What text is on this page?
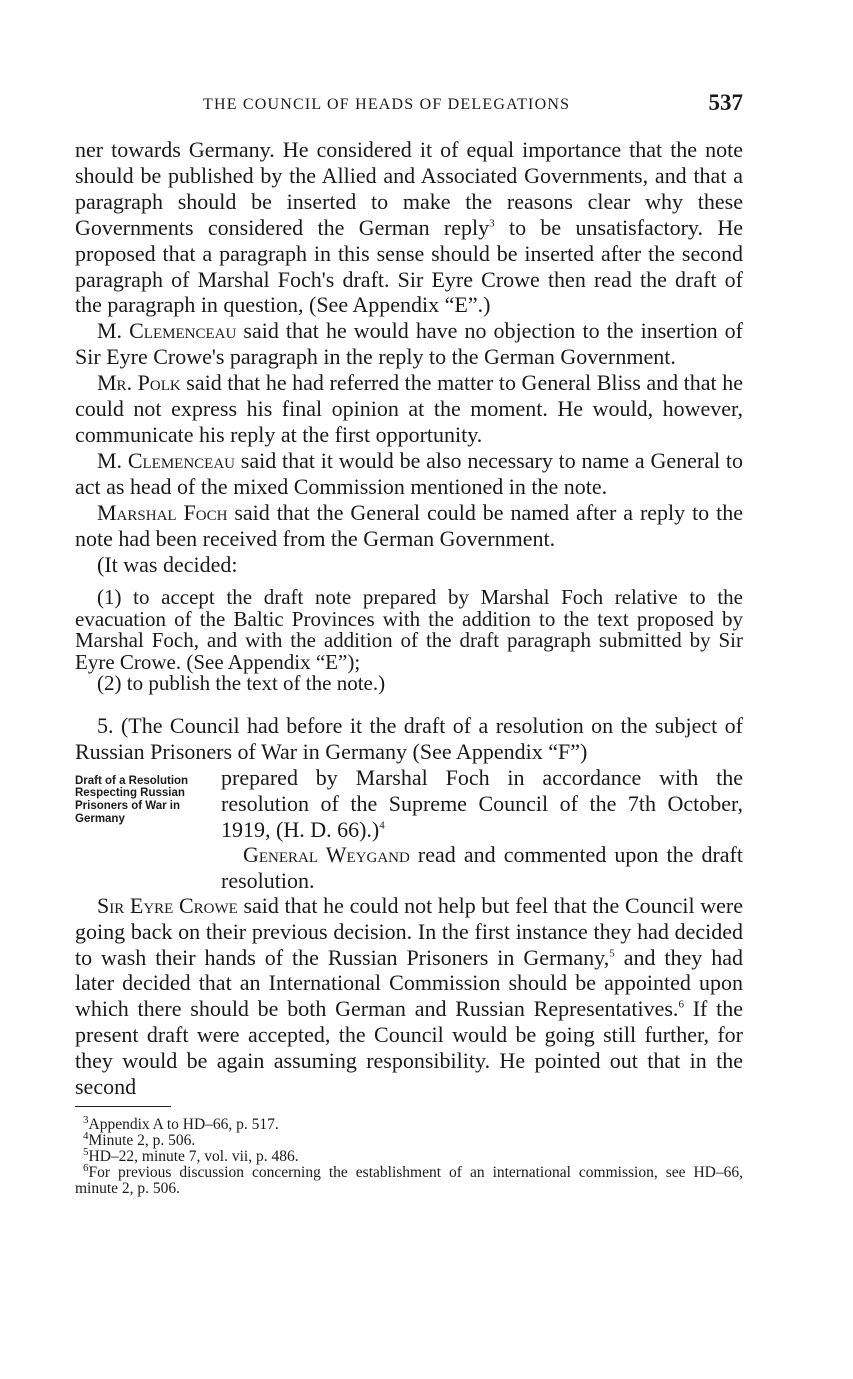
THE COUNCIL OF HEADS OF DELEGATIONS	537

ner towards Germany. He considered it of equal importance that the note should be published by the Allied and Associated Governments, and that a paragraph should be inserted to make the reasons clear why these Governments considered the German reply$^3$ to be unsatisfactory. He proposed that a paragraph in this sense should be inserted after the second paragraph of Marshal Foch's draft. Sir Eyre Crowe then read the draft of the paragraph in question, (See Appendix “E”.)

M. Clemenceau said that he would have no objection to the insertion of Sir Eyre Crowe's paragraph in the reply to the German Government.

Mr. Polk said that he had referred the matter to General Bliss and that he could not express his final opinion at the moment. He would, however, communicate his reply at the first opportunity.

M. Clemenceau said that it would be also necessary to name a General to act as head of the mixed Commission mentioned in the note.

Marshal Foch said that the General could be named after a reply to the note had been received from the German Government.

(It was decided:

(1) to accept the draft note prepared by Marshal Foch relative to the evacuation of the Baltic Provinces with the addition to the text proposed by Marshal Foch, and with the addition of the draft paragraph submitted by Sir Eyre Crowe. (See Appendix “E”);

(2) to publish the text of the note.)

5. (The Council had before it the draft of a resolution on the subject of Russian Prisoners of War in Germany (See Appendix “F”)

Draft of a Resolution Respecting Russian Prisoners of War in Germany

prepared by Marshal Foch in accordance with the resolution of the Supreme Council of the 7th October, 1919, (H. D. 66).)$^4$

General Weygand read and commented upon the draft resolution.

Sir Eyre Crowe said that he could not help but feel that the Council were going back on their previous decision. In the first instance they had decided to wash their hands of the Russian Prisoners in Germany,$^5$ and they had later decided that an International Commission should be appointed upon which there should be both German and Russian Representatives.$^6$ If the present draft were accepted, the Council would be going still further, for they would be again assuming responsibility. He pointed out that in the second

$^3$Appendix A to HD–66, p. 517.

$^4$Minute 2, p. 506.

$^5$HD–22, minute 7, vol. vii, p. 486.

$^6$For previous discussion concerning the establishment of an international commission, see HD–66, minute 2, p. 506.
